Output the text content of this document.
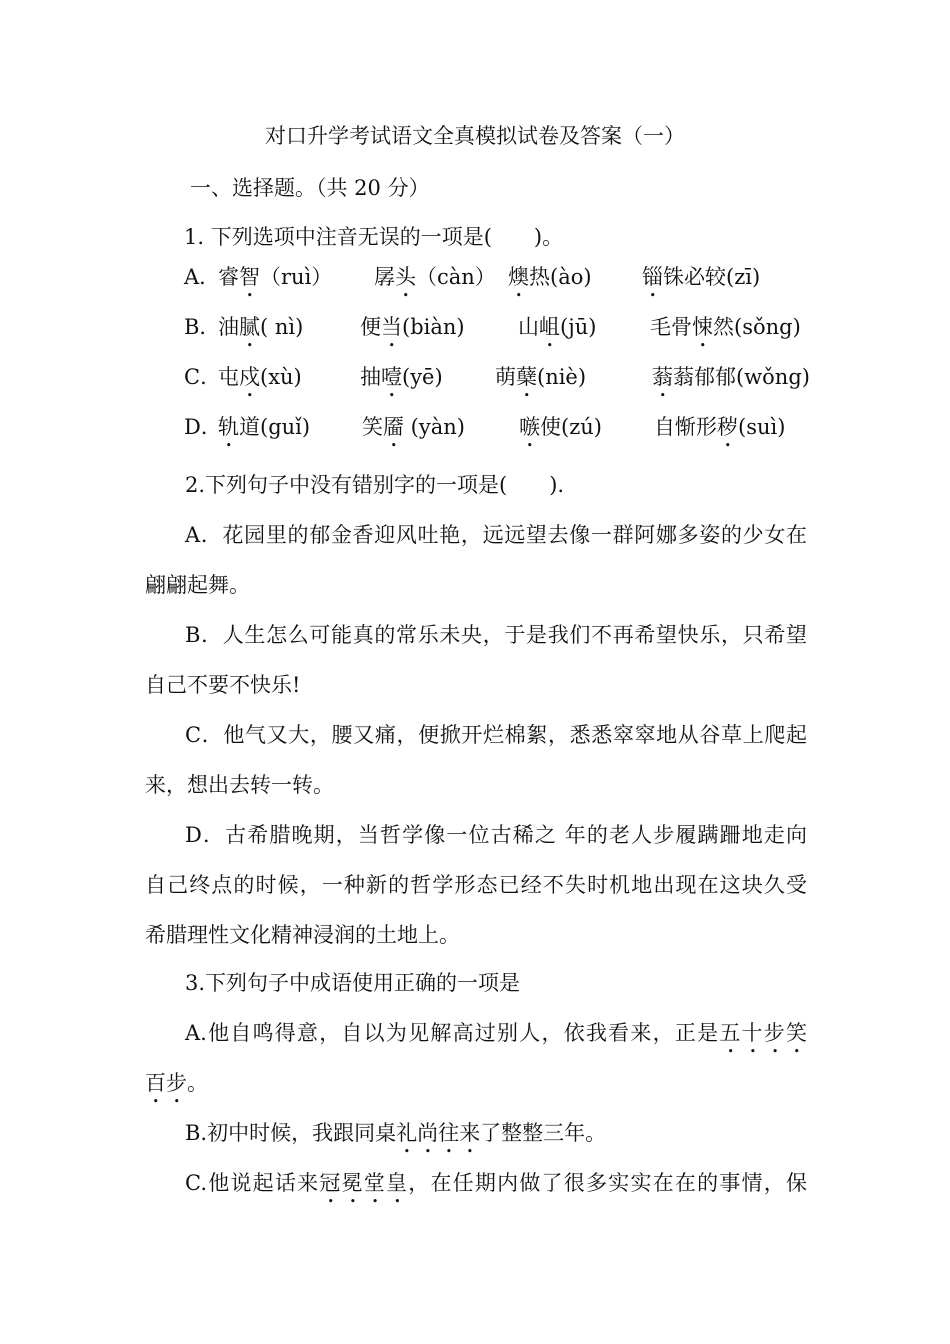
对口升学考试语文全真模拟试卷及答案（一）
一、选择题。（共 20 分）
1. 下列选项中注音无误的一项是(　　)。
A．
睿智（ruì） 孱头（càn） 燠热(ào) 锱铢必较(zī)
B．
油腻( nì)	便当(biàn)	山岨(jū)	毛骨悚然(sǒng)
C．
屯戍(xù)	抽噎(yē) 萌蘖(niè)	蓊蓊郁郁(wǒng)
D．
轨道(guǐ) 笑靥 (yàn)	嗾使(zú) 自惭形秽(suì)

2.下列句子中没有错别字的一项是(　　).

A．花园里的郁金香迎风吐艳，远远望去像一群阿娜多姿的少女在

翩翩起舞。

B．人生怎么可能真的常乐未央，于是我们不再希望快乐，只希望

自己不要不快乐!

C．他气又大，腰又痛，便掀开烂棉絮，悉悉窣窣地从谷草上爬起

来，想出去转一转。

D．古希腊晚期，当哲学像一位古稀之 年的老人步履蹒跚地走向

自己终点的时候，一种新的哲学形态已经不失时机地出现在这块久受

希腊理性文化精神浸润的土地上。

3.下列句子中成语使用正确的一项是

A.他自鸣得意，自以为见解高过别人，依我看来，正是五十步笑

百步。

B.初中时候，我跟同桌礼尚往来了整整三年。

C.他说起话来冠冕堂皇，在任期内做了很多实实在在的事情，保
